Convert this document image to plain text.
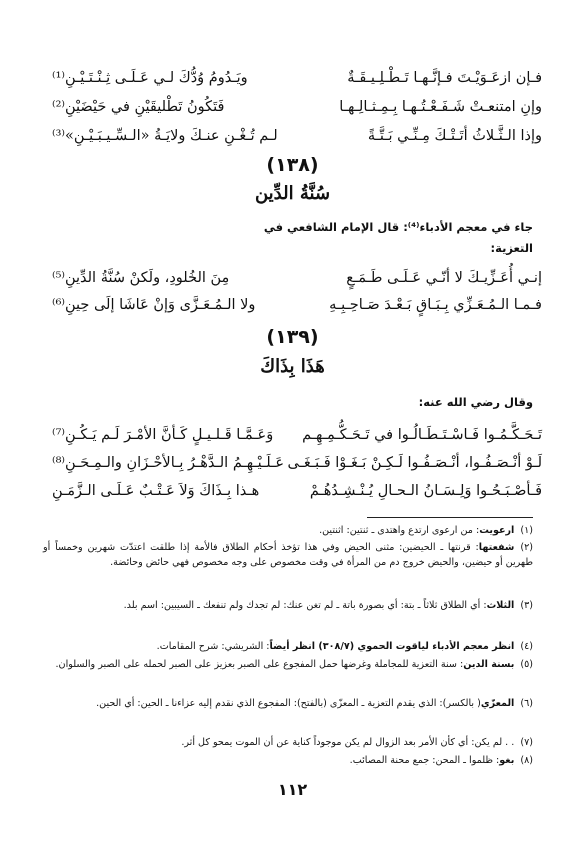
فـإن ازعَـوَيْـتَ فـإنَّـهـا تَـطْـلِـيـقَـةٌ
ويَـدُومُ وُدُّكَ لـي عَـلَـى ثِـنْـتَـيْـنِ⁽¹⁾
وإنِ امتنعـتْ شَـفَـعْـتُـهـا بِـمِـثـالِـهـا
فَتَكُونُ تَطْليقَيْنِ في حَيْضَيْنِ⁽²⁾
وإذا الـثَّـلاثُ أتَـتْـكَ مِـنِّـي بَـتَّـةً
لـم تُـغْـنِ عنـكَ ولايَـةُ «الـسِّـيـبَـيْـنِ»⁽³⁾
(١٣٨)
سُنَّةُ الدِّين
جاء في معجم الأدباء⁽⁴⁾: قال الإمام الشافعي في
التعزية:
إنـي أُعَـزِّيـكَ لا أنّـي عَـلَـى طَـمَـعٍ
مِنَ الخُلودِ، ولَكنْ سُنَّةُ الدِّينِ⁽⁵⁾
فـمـا الـمُـعَـزِّي بِـبَـاقٍ بَـعْـدَ صَـاحِـبِـهِ
ولا الـمُـعَـزَّى وَإنْ عَاشَا إلَى حِينِ⁽⁶⁾
(١٣٩)
هَذَا بِذَاكَ
وقال رضي الله عنه:
تَـحَـكَّـمُـوا فَـاسْـتَـطَـالُـوا في تَـحَـكُّـمِـهِـم
وَعَـمَّـا قَـلـيـلٍ كَـأنَّ الأمْـرَ لَـم يَـكُـنِ⁽⁷⁾
لَـوْ أنْـصَـفُـوا، أنْـصَـفُـوا لَـكِـنْ بَـغَـوْا فَـبَـغَـى
عَـلَـيْـهِـمُ الـدَّهْـرُ بِـالأحْـزَانِ والـمِـحَـنِ⁽⁸⁾
فَـأصْـبَـحُـوا وَلِـسَـانُ الـحـالِ يُـنْـشِـدُهُـمْ
هـذا بِـذَاكَ وَلاَ عَـتْـبٌ عَـلَـى الـزَّمَـنِ
(١)ارعويت: من ارعوى ارتدع واهتدى ـ ثنتين: اثنتين.
(٢)شفعتها: قرنتها ـ الحيضين: مثنى الحيض وفي هذا تؤخذ أحكام الطلاق فالأمة إذا طلقت اعتدّت شهرين وخمساً أو طهرين أو حيضين، والحيض خروج دم من المرأة في وقت مخصوص على وجه مخصوص فهي حائض وحائضة.
(٣)الثلاث: أي الطلاق ثلاثاً ـ بتة: أي بصورة باتة ـ لم تغن عنك: لم تجدك ولم تنفعك ـ السيبين: اسم بلد.
(٤)انظر معجم الأدباء لياقوت الحموي (٣٠٨/٧) انظر أيضاً: الشريشي: شرح المقامات.
(٥)بسنة الدين: سنة التعزية للمجاملة وغرضها حمل المفجوع على الصبر بعزيز على الصبر لحمله على الصبر والسلوان.
(٦)المعزّي( بالكسر): الذي يقدم التعزية ـ المعزّى (بالفتح): المفجوع الذي نقدم إليه عزاءنا ـ الحين: أي الحين.
(٧). . لم يكن: أي كأن الأمر بعد الزوال لم يكن موجوداً كناية عن أن الموت يمحو كل أثر.
(٨)بغو: ظلموا ـ المحن: جمع محنة المصائب.
١١٢
